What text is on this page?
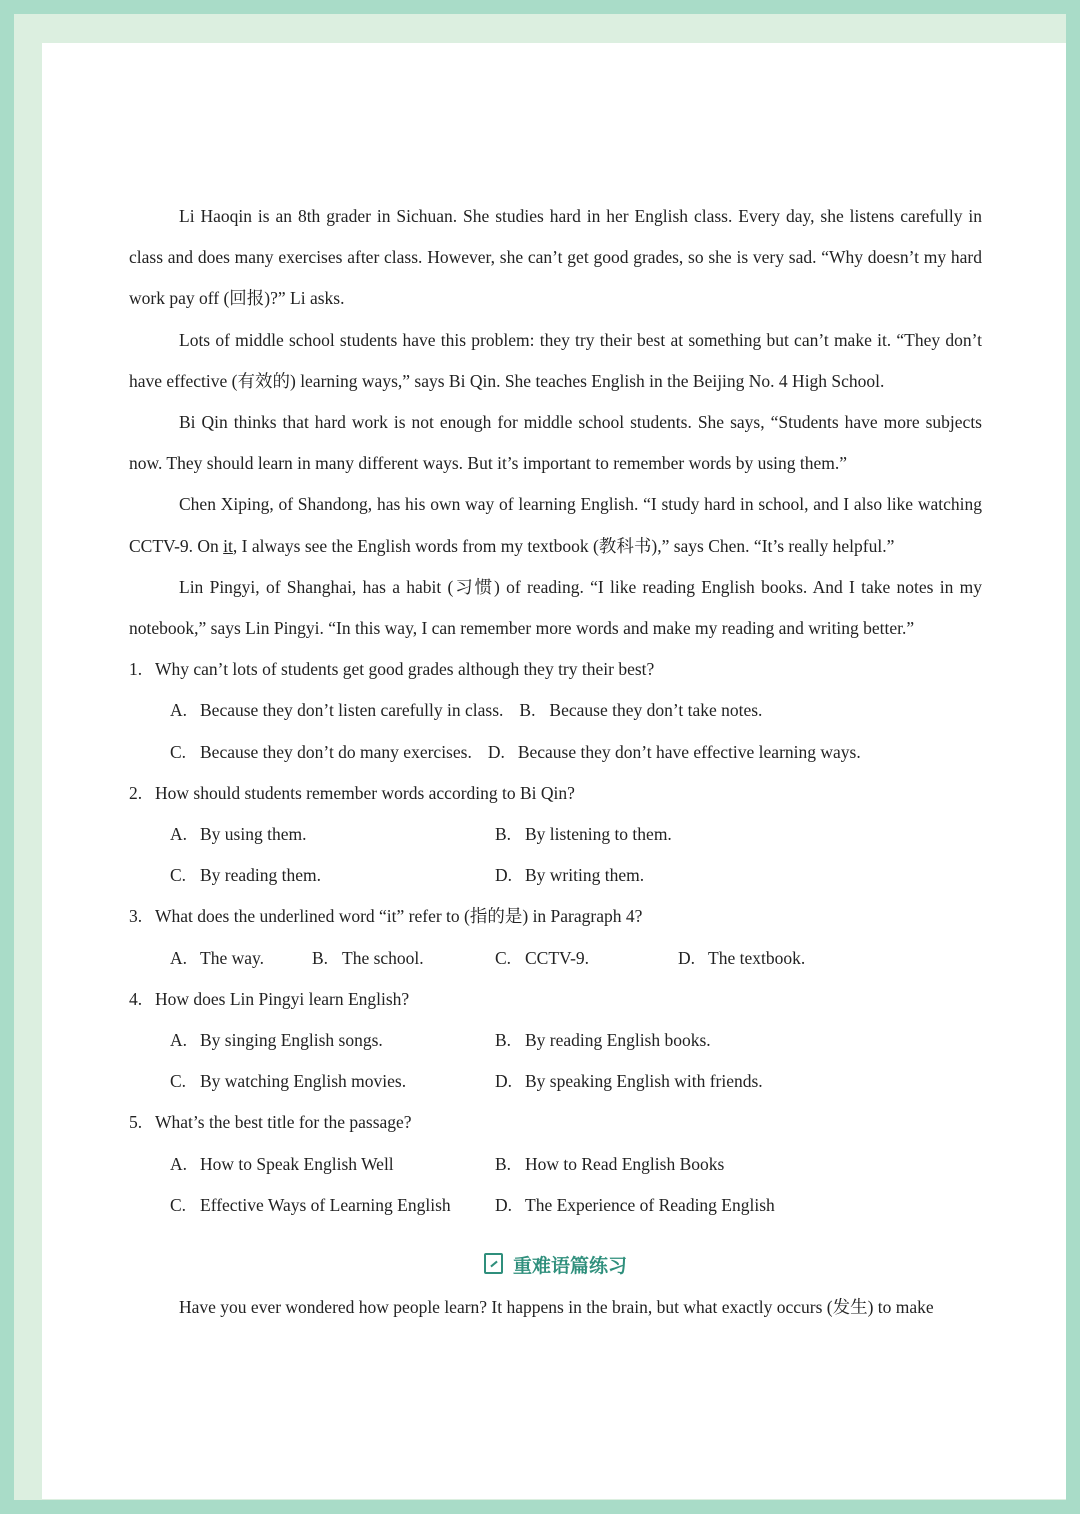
Li Haoqin is an 8th grader in Sichuan. She studies hard in her English class. Every day, she listens carefully in class and does many exercises after class. However, she can’t get good grades, so she is very sad. “Why doesn’t my hard work pay off (回报)?” Li asks.

Lots of middle school students have this problem: they try their best at something but can’t make it. “They don’t have effective (有效的) learning ways,” says Bi Qin. She teaches English in the Beijing No. 4 High School.

Bi Qin thinks that hard work is not enough for middle school students. She says, “Students have more subjects now. They should learn in many different ways. But it’s important to remember words by using them.”

Chen Xiping, of Shandong, has his own way of learning English. “I study hard in school, and I also like watching CCTV-9. On it, I always see the English words from my textbook (教科书),” says Chen. “It’s really helpful.”

Lin Pingyi, of Shanghai, has a habit (习惯) of reading. “I like reading English books. And I take notes in my notebook,” says Lin Pingyi. “In this way, I can remember more words and make my reading and writing better.”

1. Why can’t lots of students get good grades although they try their best?

A. Because they don’t listen carefully in class. B. Because they don’t take notes.
C. Because they don’t do many exercises. D. Because they don’t have effective learning ways.

2. How should students remember words according to Bi Qin?

A. By using them.	B. By listening to them.
C. By reading them.	D. By writing them.

3. What does the underlined word “it” refer to (指的是) in Paragraph 4?

A. The way.	B. The school.	C. CCTV-9.	D. The textbook.

4. How does Lin Pingyi learn English?

A. By singing English songs.	B. By reading English books.
C. By watching English movies.	D. By speaking English with friends.

5. What’s the best title for the passage?

A. How to Speak English Well	B. How to Read English Books
C. Effective Ways of Learning English	D. The Experience of Reading English

重难语篇练习

Have you ever wondered how people learn? It happens in the brain, but what exactly occurs (发生) to make
